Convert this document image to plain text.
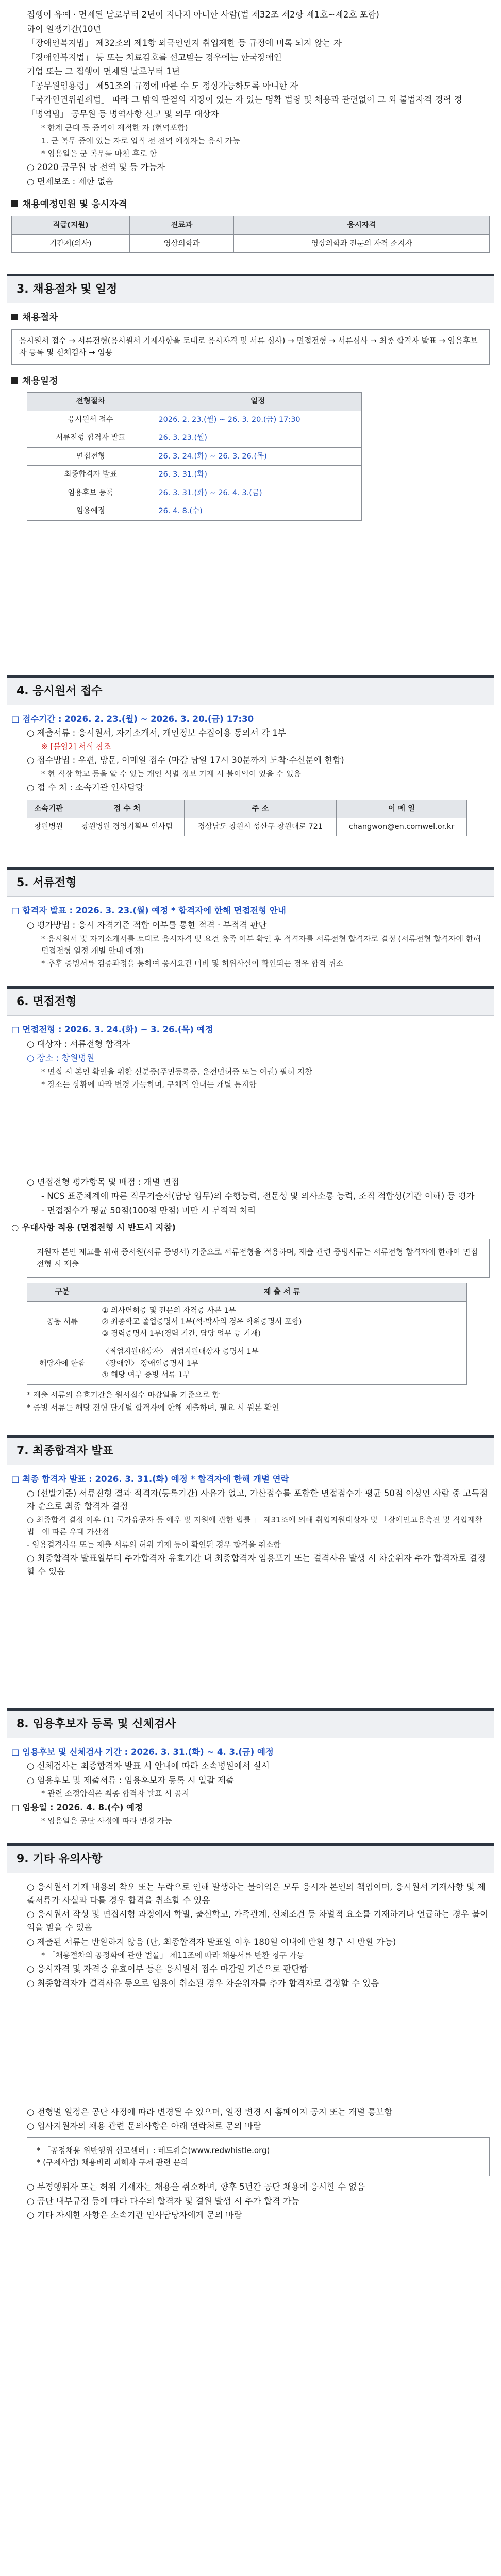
집행이 유예 · 면제된 날로부터 2년이 지나지 아니한 사람(법 제32조 제2항 제1호~제2호 포함)
하이 일쟁기간(10년
「장애인복지법」 제32조의 제1항 외국인인지 취업제한 등 규정에 비록 되지 않는 자
「장애인복지법」 등 또는 치료감호를 선고받는 경우에는 한국장애인
기업 또는 그 집행이 면제된 날로부터 1년
「공무원임용령」 제51조의 규정에 따른 수 도 정상가능하도록 아니한 자
「국가인권위원회법」 따라 그 밖의 판결의 지장이 있는 자 있는 명확 법령 및 채용과 관련없이 그 외 불법자격 경력 정
「병역법」 공무원 등 병역사항 신고 및 의무 대상자
* 한계 군대 등 중역이 제적한 자 (현역포함)
1. 군 복무 중에 있는 자로 입직 전 전역 예정자는 응시 가능
* 임용일은 군 복무를 마친 후로 함
○ 2020 공무원 당 전역 및 등 가능자
○ 면제보조 : 제한 없음
채용예정인원 및 응시자격
직급(지원)	진료과	응시자격
기간제(의사)	영상의학과	영상의학과 전문의 자격 소지자
3. 채용절차 및 일정
채용절차
응시원서 접수 → 서류전형(응시원서 기재사항을 토대로 응시자격 및 서류 심사) → 면접전형 → 서류심사 → 최종 합격자 발표 → 임용후보자 등록 및 신체검사 → 임용
채용일정
전형절차	일정
응시원서 접수	2026. 2. 23.(월) ~ 26. 3. 20.(금) 17:30
서류전형 합격자 발표	26. 3. 23.(월)
면접전형	26. 3. 24.(화) ~ 26. 3. 26.(목)
최종합격자 발표	26. 3. 31.(화)
임용후보 등록	26. 3. 31.(화) ~ 26. 4. 3.(금)
임용예정	26. 4. 8.(수)
4. 응시원서 접수
□ 접수기간 : 2026. 2. 23.(월) ~ 2026. 3. 20.(금) 17:30
○ 제출서류 : 응시원서, 자기소개서, 개인정보 수집이용 동의서 각 1부
※ [붙임2] 서식 참조
○ 접수방법 : 우편, 방문, 이메일 접수 (마감 당일 17시 30분까지 도착·수신분에 한함)
* 현 직장 학교 등을 알 수 있는 개인 식별 정보 기재 시 불이익이 있을 수 있음
○ 접 수 처 : 소속기관 인사담당
소속기관	접 수 처	주 소	이 메 일
창원병원	창원병원 경영기획부 인사팀	경상남도 창원시 성산구 창원대로 721	changwon@en.comwel.or.kr
5. 서류전형
□ 합격자 발표 : 2026. 3. 23.(월) 예정 * 합격자에 한해 면접전형 안내
○ 평가방법 : 응시 자격기준 적합 여부를 통한 적격 · 부적격 판단
* 응시원서 및 자기소개서를 토대로 응시자격 및 요건 충족 여부 확인 후 적격자를 서류전형 합격자로 결정 (서류전형 합격자에 한해 면접전형 일정 개별 안내 예정)
* 추후 증빙서류 검증과정을 통하여 응시요건 미비 및 허위사실이 확인되는 경우 합격 취소
6. 면접전형
□ 면접전형 : 2026. 3. 24.(화) ~ 3. 26.(목) 예정
○ 대상자 : 서류전형 합격자
○ 장소 : 창원병원
* 면접 시 본인 확인을 위한 신분증(주민등록증, 운전면허증 또는 여권) 필히 지참
* 장소는 상황에 따라 변경 가능하며, 구체적 안내는 개별 통지함
○ 면접전형 평가항목 및 배점 : 개별 면접
- NCS 표준체계에 따른 직무기술서(담당 업무)의 수행능력, 전문성 및 의사소통 능력, 조직 적합성(기관 이해) 등 평가
- 면접점수가 평균 50점(100점 만점) 미만 시 부적격 처리
○ 우대사항 적용 (면접전형 시 반드시 지참)
지원자 본인 제고를 위해 증서원(서류 증명서) 기준으로 서류전형을 적용하며, 제출 관련 증빙서류는 서류전형 합격자에 한하여 면접전형 시 제출
구분	제 출 서 류
공통 서류	① 의사면허증 및 전문의 자격증 사본 1부
② 최종학교 졸업증명서 1부(석·박사의 경우 학위증명서 포함)
③ 경력증명서 1부(경력 기간, 담당 업무 등 기재)
해당자에 한함	〈취업지원대상자〉 취업지원대상자 증명서 1부
〈장애인〉 장애인증명서 1부
① 해당 여부 증빙 서류 1부
* 제출 서류의 유효기간은 원서접수 마감일을 기준으로 함
* 증빙 서류는 해당 전형 단계별 합격자에 한해 제출하며, 필요 시 원본 확인
7. 최종합격자 발표
□ 최종 합격자 발표 : 2026. 3. 31.(화) 예정 * 합격자에 한해 개별 연락
○ (선발기준) 서류전형 결과 적격자(등록기간) 사유가 없고, 가산점수를 포함한 면접점수가 평균 50점 이상인 사람 중 고득점자 순으로 최종 합격자 결정
○ 최종합격 결정 이후 (1) 국가유공자 등 예우 및 지원에 관한 법률 」 제31조에 의해 취업지원대상자 및 「장애인고용촉진 및 직업재활법」에 따른 우대 가산점
- 임용결격사유 또는 제출 서류의 허위 기재 등이 확인된 경우 합격을 취소함
○ 최종합격자 발표일부터 추가합격자 유효기간 내 최종합격자 임용포기 또는 결격사유 발생 시 차순위자 추가 합격자로 결정할 수 있음
8. 임용후보자 등록 및 신체검사
□ 임용후보 및 신체검사 기간 : 2026. 3. 31.(화) ~ 4. 3.(금) 예정
○ 신체검사는 최종합격자 발표 시 안내에 따라 소속병원에서 실시
○ 임용후보 및 제출서류 : 임용후보자 등록 시 일괄 제출
* 관련 소정양식은 최종 합격자 발표 시 공지
□ 임용일 : 2026. 4. 8.(수) 예정
* 임용일은 공단 사정에 따라 변경 가능
9. 기타 유의사항
○ 응시원서 기재 내용의 착오 또는 누락으로 인해 발생하는 불이익은 모두 응시자 본인의 책임이며, 응시원서 기재사항 및 제출서류가 사실과 다를 경우 합격을 취소할 수 있음
○ 응시원서 작성 및 면접시험 과정에서 학벌, 출신학교, 가족관계, 신체조건 등 차별적 요소를 기재하거나 언급하는 경우 불이익을 받을 수 있음
○ 제출된 서류는 반환하지 않음 (단, 최종합격자 발표일 이후 180일 이내에 반환 청구 시 반환 가능)
* 「채용절차의 공정화에 관한 법률」 제11조에 따라 채용서류 반환 청구 가능
○ 응시자격 및 자격증 유효여부 등은 응시원서 접수 마감일 기준으로 판단함
○ 최종합격자가 결격사유 등으로 임용이 취소된 경우 차순위자를 추가 합격자로 결정할 수 있음
○ 전형별 일정은 공단 사정에 따라 변경될 수 있으며, 일정 변경 시 홈페이지 공지 또는 개별 통보함
○ 입사지원자의 채용 관련 문의사항은 아래 연락처로 문의 바람
* 「공정채용 위반행위 신고센터」: 레드휘슬(www.redwhistle.org)
* (구제사업) 채용비리 피해자 구제 관련 문의
○ 부정행위자 또는 허위 기재자는 채용을 취소하며, 향후 5년간 공단 채용에 응시할 수 없음
○ 공단 내부규정 등에 따라 다수의 합격자 및 결원 발생 시 추가 합격 가능
○ 기타 자세한 사항은 소속기관 인사담당자에게 문의 바람
